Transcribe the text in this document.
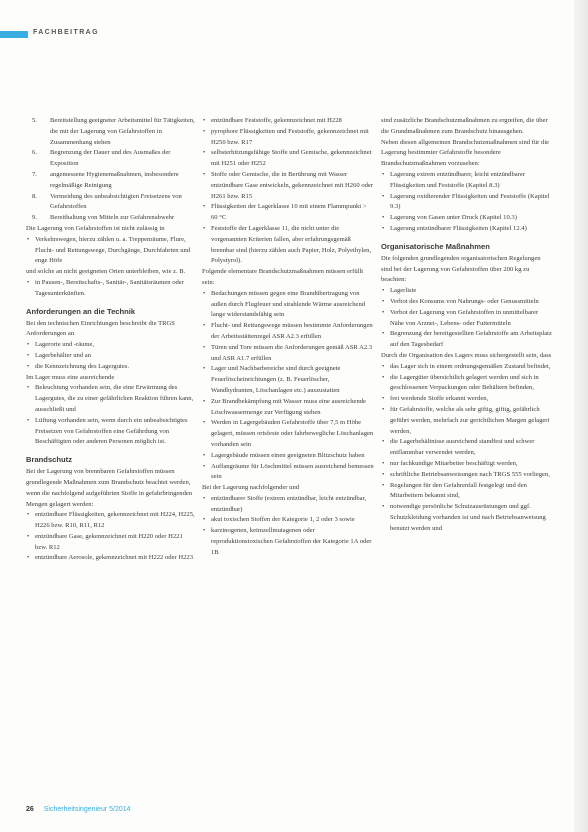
FACHBEITRAG
5.	Bereitstellung geeigneter Arbeitsmittel für Tätigkeiten, die mit der Lagerung von Gefahrstoffen in Zusammenhang stehen
6.	Begrenzung der Dauer und des Ausmaßes der Exposition
7.	angemessene Hygienemaßnahmen, insbesondere regelmäßige Reinigung
8.	Vermeidung des unbeabsichtigten Freisetzens von Gefahrstoffen
9.	Bereithaltung von Mitteln zur Gefahrenabwehr

Die Lagerung von Gefahrstoffen ist nicht zulässig in

• Verkehrswegen, hierzu zählen u. a. Treppenräume, Flure, Flucht- und Rettungswege, Durchgänge, Durchfahrten und enge Höfe

und solche an nicht geeigneten Orten unterbleiben, wie z. B.

• in Pausen-, Bereitschafts-, Sanitär-, Sanitätsräumen oder Tagesunterkünften.
Anforderungen an die Technik

Bei den technischen Einrichtungen beschreibt die TRGS Anforderungen an

• Lagerorte und -räume,
• Lagerbehälter und an
• die Kennzeichnung des Lagergutes.

Im Lager muss eine ausreichende

• Beleuchtung vorhanden sein, die eine Erwärmung des Lagergutes, die zu einer gefährlichen Reaktion führen kann, ausschließt und
• Lüftung vorhanden sein, wenn durch ein unbeabsichtigtes Freisetzen von Gefahrstoffen eine Gefährdung von Beschäftigten oder anderen Personen möglich ist.
Brandschutz

Bei der Lagerung von brennbaren Gefahrstoffen müssen grundlegende Maßnahmen zum Brandschutz beachtet werden, wenn die nachfolgend aufgeführten Stoffe in gefahrbringenden Mengen gelagert werden:

• entzündbare Flüssigkeiten, gekennzeichnet mit H224, H225, H226 bzw. R10, R11, R12
• entzündbare Gase, gekennzeichnet mit H220 oder H221 bzw. R12
• entzündbare Aerosole, gekennzeichnet mit H222 oder H223
• entzündbare Feststoffe, gekennzeichnet mit H228
• pyrophore Flüssigkeiten und Feststoffe, gekennzeichnet mit H250 bzw. R17
• selbsterhitzungsfähige Stoffe und Gemische, gekennzeichnet mit H251 oder H252
• Stoffe oder Gemische, die in Berührung mit Wasser entzündbare Gase entwickeln, gekennzeichnet mit H260 oder H261 bzw. R15
• Flüssigkeiten der Lagerklasse 10 mit einem Flammpunkt > 60 °C
• Feststoffe der Lagerklasse 11, die nicht unter die vorgenannten Kriterien fallen, aber erfahrungsgemäß brennbar sind (hierzu zählen auch Papier, Holz, Polyethylen, Polystyrol).

Folgende elementare Brandschutzmaßnahmen müssen erfüllt sein:

• Bedachungen müssen gegen eine Brandübertragung von außen durch Flugfeuer und strahlende Wärme ausreichend lange widerstandsfähig sein
• Flucht- und Rettungswege müssen bestimmte Anforderungen der Arbeitsstättenregel ASR A2.3 erfüllen
• Türen und Tore müssen die Anforderungen gemäß ASR A2.3 und ASR A1.7 erfüllen
• Lager und Nachbarbereiche sind durch geeignete Feuerlöscheinrichtungen (z. B. Feuerlöscher, Wandhydranten, Löschanlagen etc.) auszustatten
• Zur Brandbekämpfung mit Wasser muss eine ausreichende Löschwassermenge zur Verfügung stehen
• Werden in Lagergebäuden Gefahrstoffe über 7,5 m Höhe gelagert, müssen ortsfeste oder fahrbewegliche Löschanlagen vorhanden sein
• Lagergebäude müssen einen geeigneten Blitzschutz haben
• Auffangräume für Löschmittel müssen ausreichend bemessen sein

Bei der Lagerung nachfolgender und

• entzündbarer Stoffe (extrem entzündbar, leicht entzündbar, entzündbar)
• akut toxischen Stoffen der Kategorie 1, 2 oder 3 sowie
• karzinogenen, keimzellmutagenen oder reproduktionstoxischen Gefahrstoffen der Kategorie 1A oder 1B

sind zusätzliche Brandschutzmaßnahmen zu ergreifen, die über die Grundmaßnahmen zum Brandschutz hinausgehen.

Neben diesen allgemeinen Brandschutzmaßnahmen sind für die Lagerung bestimmter Gefahrstoffe besondere Brandschutzmaßnahmen vorzusehen:

• Lagerung extrem entzündbarer, leicht entzündbarer Flüssigkeiten und Feststoffe (Kapitel 8.3)
• Lagerung oxidierender Flüssigkeiten und Feststoffe (Kapitel 9.3)
• Lagerung von Gasen unter Druck (Kapitel 10.3)
• Lagerung entzündbarer Flüssigkeiten (Kapitel 12.4)
Organisatorische Maßnahmen

Die folgenden grundlegenden organisatorischen Regelungen sind bei der Lagerung von Gefahrstoffen über 200 kg zu beachten:

• Lagerliste
• Verbot des Konsums von Nahrungs- oder Genussmitteln
• Verbot der Lagerung von Gefahrstoffen in unmittelbarer Nähe von Arznei-, Lebens- oder Futtermitteln
• Begrenzung der bereitgestellten Gefahrstoffe am Arbeitsplatz auf den Tagesbedarf

Durch die Organisation des Lagers muss sichergestellt sein, dass

• das Lager sich in einem ordnungsgemäßen Zustand befindet,
• die Lagergüter übersichtlich gelagert werden und sich in geschlossenen Verpackungen oder Behältern befinden,
• frei werdende Stoffe erkannt werden,
• für Gefahrstoffe, welche als sehr giftig, giftig, gefährlich geführt werden, mehrfach zur gerichtlichen Margen gelagert werden,
• die Lagerbehältnisse ausreichend standfest und schwer entflammbar verwendet werden,
• nur fachkundige Mitarbeiter beschäftigt werden,
• schriftliche Betriebsanweisungen nach TRGS 555 vorliegen,
• Regelungen für den Gefahrenfall festgelegt und den Mitarbeitern bekannt sind,
• notwendige persönliche Schutzausrüstungen und ggf. Schutzkleidung vorhanden ist und nach Betriebsanweisung benutzt werden und
26 Sicherheitsingenieur 5/2014
